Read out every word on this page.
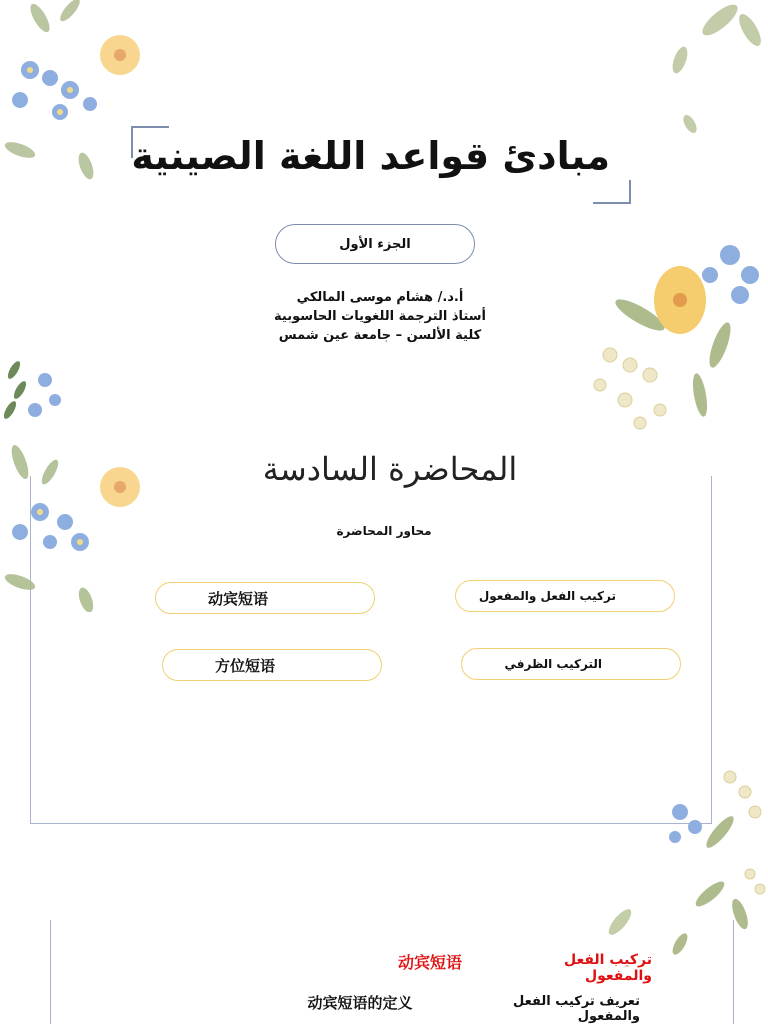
مبادئ قواعد اللغة الصينية
الجزء الأول
أ.د./ هشام موسى المالكي
أستاذ الترجمة اللغويات الحاسوبية
كلية الألسن – جامعة عين شمس
المحاضرة السادسة
محاور المحاضرة
تركيب الفعل والمفعول
动宾短语
التركيب الظرفي
方位短语
تركيب الفعل والمفعول
动宾短语
تعريف تركيب الفعل والمفعول
动宾短语的定义
